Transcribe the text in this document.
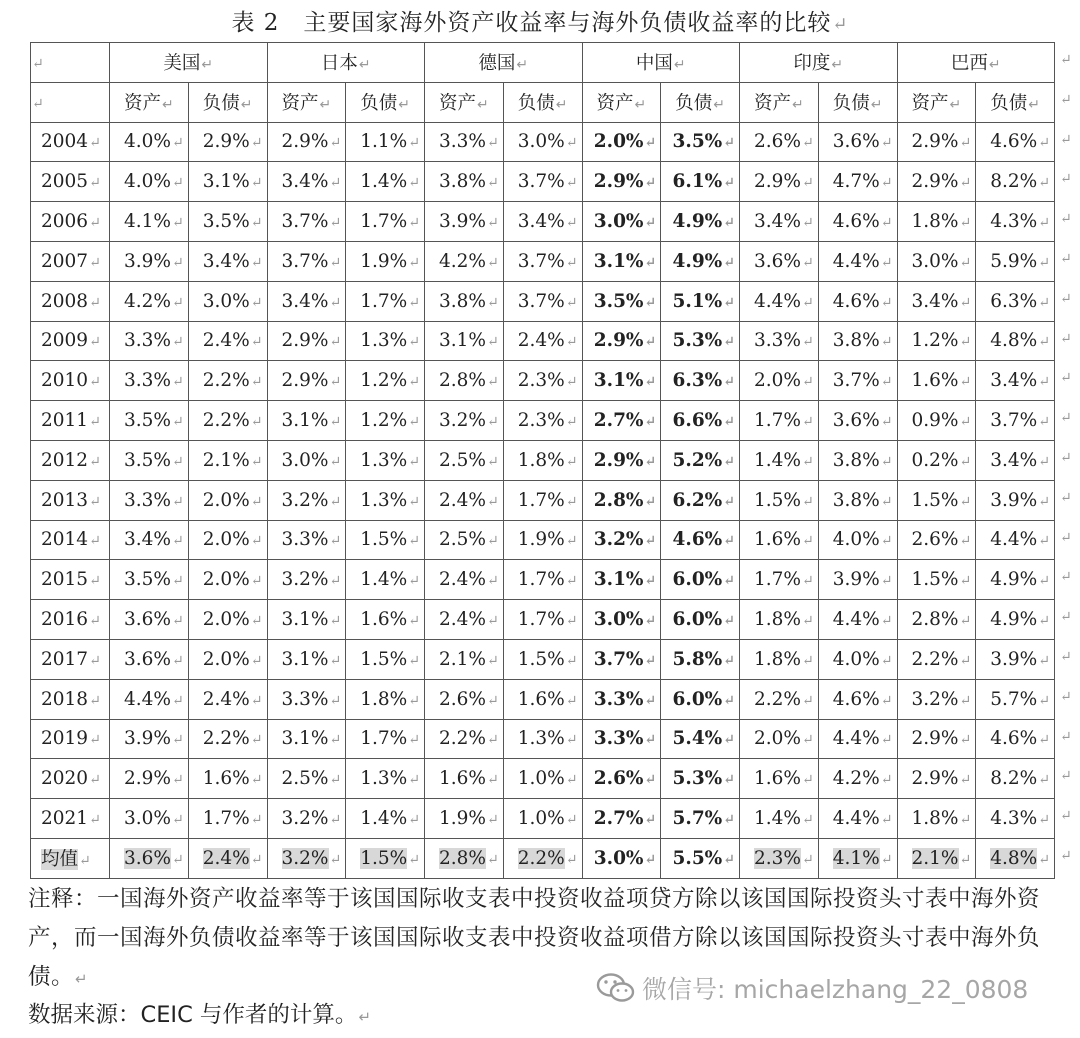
表 2　主要国家海外资产收益率与海外负债收益率的比较↵
↵	美国↵		日本↵		德国↵		中国↵		印度↵		巴西↵	
↵	资产↵	负债↵	资产↵	负债↵	资产↵	负债↵	资产↵	负债↵	资产↵	负债↵	资产↵	负债↵
2004↵	4.0%↵	2.9%↵	2.9%↵	1.1%↵	3.3%↵	3.0%↵	2.0%↵	3.5%↵	2.6%↵	3.6%↵	2.9%↵	4.6%↵
2005↵	4.0%↵	3.1%↵	3.4%↵	1.4%↵	3.8%↵	3.7%↵	2.9%↵	6.1%↵	2.9%↵	4.7%↵	2.9%↵	8.2%↵
2006↵	4.1%↵	3.5%↵	3.7%↵	1.7%↵	3.9%↵	3.4%↵	3.0%↵	4.9%↵	3.4%↵	4.6%↵	1.8%↵	4.3%↵
2007↵	3.9%↵	3.4%↵	3.7%↵	1.9%↵	4.2%↵	3.7%↵	3.1%↵	4.9%↵	3.6%↵	4.4%↵	3.0%↵	5.9%↵
2008↵	4.2%↵	3.0%↵	3.4%↵	1.7%↵	3.8%↵	3.7%↵	3.5%↵	5.1%↵	4.4%↵	4.6%↵	3.4%↵	6.3%↵
2009↵	3.3%↵	2.4%↵	2.9%↵	1.3%↵	3.1%↵	2.4%↵	2.9%↵	5.3%↵	3.3%↵	3.8%↵	1.2%↵	4.8%↵
2010↵	3.3%↵	2.2%↵	2.9%↵	1.2%↵	2.8%↵	2.3%↵	3.1%↵	6.3%↵	2.0%↵	3.7%↵	1.6%↵	3.4%↵
2011↵	3.5%↵	2.2%↵	3.1%↵	1.2%↵	3.2%↵	2.3%↵	2.7%↵	6.6%↵	1.7%↵	3.6%↵	0.9%↵	3.7%↵
2012↵	3.5%↵	2.1%↵	3.0%↵	1.3%↵	2.5%↵	1.8%↵	2.9%↵	5.2%↵	1.4%↵	3.8%↵	0.2%↵	3.4%↵
2013↵	3.3%↵	2.0%↵	3.2%↵	1.3%↵	2.4%↵	1.7%↵	2.8%↵	6.2%↵	1.5%↵	3.8%↵	1.5%↵	3.9%↵
2014↵	3.4%↵	2.0%↵	3.3%↵	1.5%↵	2.5%↵	1.9%↵	3.2%↵	4.6%↵	1.6%↵	4.0%↵	2.6%↵	4.4%↵
2015↵	3.5%↵	2.0%↵	3.2%↵	1.4%↵	2.4%↵	1.7%↵	3.1%↵	6.0%↵	1.7%↵	3.9%↵	1.5%↵	4.9%↵
2016↵	3.6%↵	2.0%↵	3.1%↵	1.6%↵	2.4%↵	1.7%↵	3.0%↵	6.0%↵	1.8%↵	4.4%↵	2.8%↵	4.9%↵
2017↵	3.6%↵	2.0%↵	3.1%↵	1.5%↵	2.1%↵	1.5%↵	3.7%↵	5.8%↵	1.8%↵	4.0%↵	2.2%↵	3.9%↵
2018↵	4.4%↵	2.4%↵	3.3%↵	1.8%↵	2.6%↵	1.6%↵	3.3%↵	6.0%↵	2.2%↵	4.6%↵	3.2%↵	5.7%↵
2019↵	3.9%↵	2.2%↵	3.1%↵	1.7%↵	2.2%↵	1.3%↵	3.3%↵	5.4%↵	2.0%↵	4.4%↵	2.9%↵	4.6%↵
2020↵	2.9%↵	1.6%↵	2.5%↵	1.3%↵	1.6%↵	1.0%↵	2.6%↵	5.3%↵	1.6%↵	4.2%↵	2.9%↵	8.2%↵
2021↵	3.0%↵	1.7%↵	3.2%↵	1.4%↵	1.9%↵	1.0%↵	2.7%↵	5.7%↵	1.4%↵	4.4%↵	1.8%↵	4.3%↵
均值↵	3.6%↵	2.4%↵	3.2%↵	1.5%↵	2.8%↵	2.2%↵	3.0%↵	5.5%↵	2.3%↵	4.1%↵	2.1%↵	4.8%↵
↵
↵
↵
↵
↵
↵
↵
↵
↵
↵
↵
↵
↵
↵
↵
↵
↵
↵
↵
↵
↵
注释：一国海外资产收益率等于该国国际收支表中投资收益项贷方除以该国国际投资头寸表中海外资产，而一国海外负债收益率等于该国国际收支表中投资收益项借方除以该国国际投资头寸表中海外负债。↵
数据来源：CEIC 与作者的计算。↵
微信号: michaelzhang_22_0808
